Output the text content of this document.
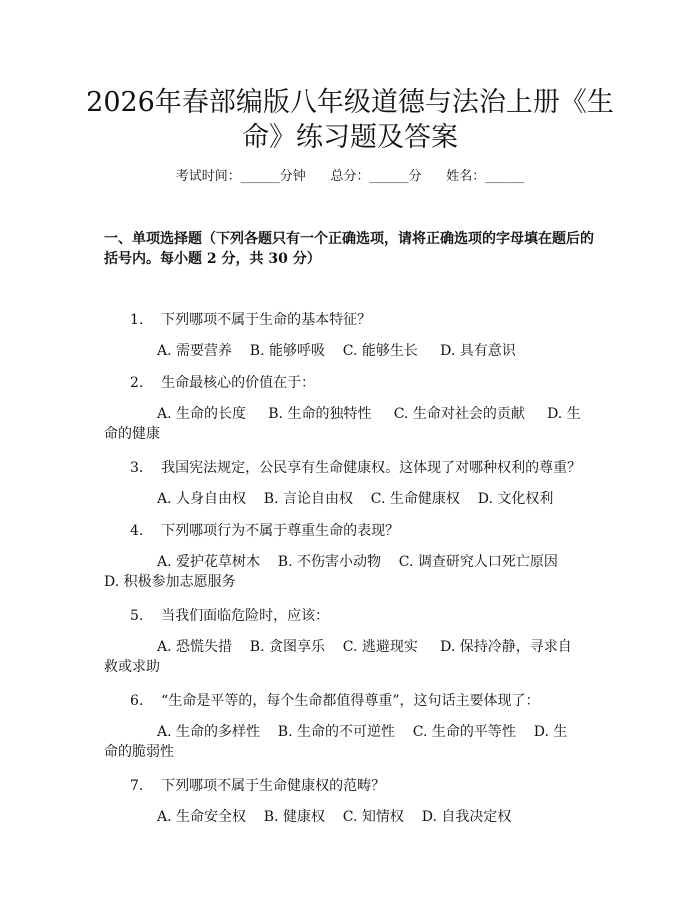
2026年春部编版八年级道德与法治上册《生
命》练习题及答案
考试时间：______分钟      总分：______分      姓名：______
一、单项选择题（下列各题只有一个正确选项，请将正确选项的字母填在题后的
括号内。每小题 2 分，共 30 分）
1.    下列哪项不属于生命的基本特征？
A. 需要营养    B. 能够呼吸    C. 能够生长     D. 具有意识
2.    生命最核心的价值在于：
A. 生命的长度     B. 生命的独特性     C. 生命对社会的贡献     D. 生
命的健康
3.    我国宪法规定，公民享有生命健康权。这体现了对哪种权利的尊重？
A. 人身自由权    B. 言论自由权    C. 生命健康权    D. 文化权利
4.    下列哪项行为不属于尊重生命的表现？
A. 爱护花草树木    B. 不伤害小动物    C. 调查研究人口死亡原因
D. 积极参加志愿服务
5.    当我们面临危险时，应该：
A. 恐慌失措    B. 贪图享乐    C. 逃避现实     D. 保持冷静，寻求自
救或求助
6.    “生命是平等的，每个生命都值得尊重”，这句话主要体现了：
A. 生命的多样性    B. 生命的不可逆性    C. 生命的平等性    D. 生
命的脆弱性
7.    下列哪项不属于生命健康权的范畴？
A. 生命安全权    B. 健康权    C. 知情权    D. 自我决定权
